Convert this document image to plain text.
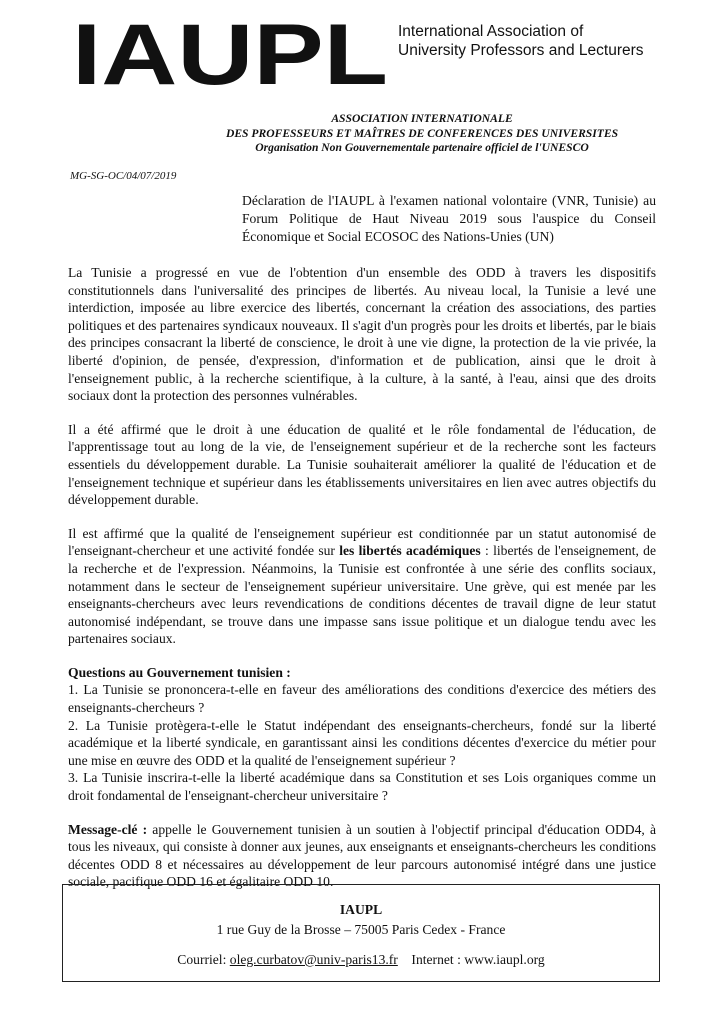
IAUPL International Association of
University Professors and Lecturers
ASSOCIATION INTERNATIONALE
DES PROFESSEURS ET MAÎTRES DE CONFERENCES DES UNIVERSITES
Organisation Non Gouvernementale partenaire officiel de l'UNESCO
MG-SG-OC/04/07/2019
Déclaration de l'IAUPL à l'examen national volontaire (VNR, Tunisie) au Forum Politique de Haut Niveau 2019 sous l'auspice du Conseil Économique et Social ECOSOC des Nations-Unies (UN)

La Tunisie a progressé en vue de l'obtention d'un ensemble des ODD à travers les dispositifs constitutionnels dans l'universalité des principes de libertés. Au niveau local, la Tunisie a levé une interdiction, imposée au libre exercice des libertés, concernant la création des associations, des parties politiques et des partenaires syndicaux nouveaux. Il s'agit d'un progrès pour les droits et libertés, par le biais des principes consacrant la liberté de conscience, le droit à une vie digne, la protection de la vie privée, la liberté d'opinion, de pensée, d'expression, d'information et de publication, ainsi que le droit à l'enseignement public, à la recherche scientifique, à la culture, à la santé, à l'eau, ainsi que des droits sociaux dont la protection des personnes vulnérables.

Il a été affirmé que le droit à une éducation de qualité et le rôle fondamental de l'éducation, de l'apprentissage tout au long de la vie, de l'enseignement supérieur et de la recherche sont les facteurs essentiels du développement durable. La Tunisie souhaiterait améliorer la qualité de l'éducation et de l'enseignement technique et supérieur dans les établissements universitaires en lien avec autres objectifs du développement durable.

Il est affirmé que la qualité de l'enseignement supérieur est conditionnée par un statut autonomisé de l'enseignant-chercheur et une activité fondée sur les libertés académiques : libertés de l'enseignement, de la recherche et de l'expression. Néanmoins, la Tunisie est confrontée à une série des conflits sociaux, notamment dans le secteur de l'enseignement supérieur universitaire. Une grève, qui est menée par les enseignants-chercheurs avec leurs revendications de conditions décentes de travail digne de leur statut autonomisé indépendant, se trouve dans une impasse sans issue politique et un dialogue tendu avec les partenaires sociaux.

Questions au Gouvernement tunisien :

1. La Tunisie se prononcera-t-elle en faveur des améliorations des conditions d'exercice des métiers des enseignants-chercheurs ?

2. La Tunisie protègera-t-elle le Statut indépendant des enseignants-chercheurs, fondé sur la liberté académique et la liberté syndicale, en garantissant ainsi les conditions décentes d'exercice du métier pour une mise en œuvre des ODD et la qualité de l'enseignement supérieur ?

3. La Tunisie inscrira-t-elle la liberté académique dans sa Constitution et ses Lois organiques comme un droit fondamental de l'enseignant-chercheur universitaire ?

Message-clé : appelle le Gouvernement tunisien à un soutien à l'objectif principal d'éducation ODD4, à tous les niveaux, qui consiste à donner aux jeunes, aux enseignants et enseignants-chercheurs les conditions décentes ODD 8 et nécessaires au développement de leur parcours autonomisé intégré dans une justice sociale, pacifique ODD 16 et égalitaire ODD 10.

IAUPL
1 rue Guy de la Brosse – 75005 Paris Cedex - France
Courriel: oleg.curbatov@univ-paris13.fr Internet : www.iaupl.org
